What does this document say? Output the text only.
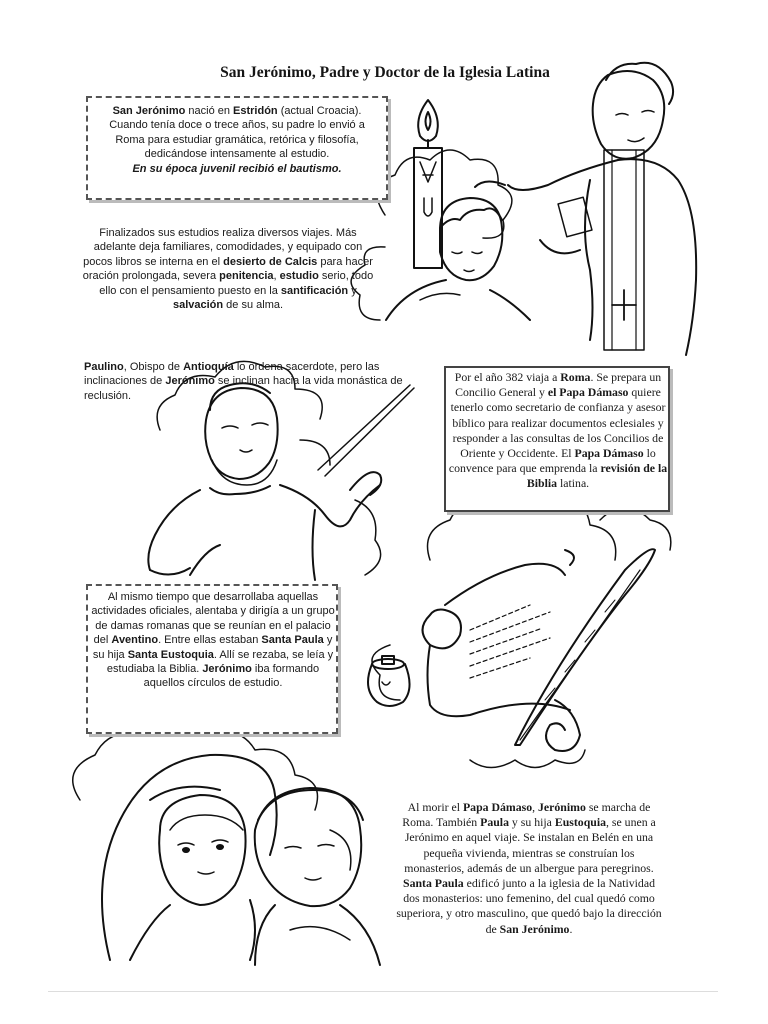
San Jerónimo, Padre y Doctor de la Iglesia Latina
San Jerónimo nació en Estridón (actual Croacia). Cuando tenía doce o trece años, su padre lo envió a Roma para estudiar gramática, retórica y filosofía, dedicándose intensamente al estudio.
En su época juvenil recibió el bautismo.
Finalizados sus estudios realiza diversos viajes. Más adelante deja familiares, comodidades, y equipado con pocos libros se interna en el desierto de Calcis para hacer oración prolongada, severa penitencia, estudio serio, todo ello con el pensamiento puesto en la santificación y salvación de su alma.
Paulino, Obispo de Antioquía lo ordena sacerdote, pero las inclinaciones de Jerónimo se inclinan hacia la vida monástica de reclusión.
Por el año 382 viaja a Roma. Se prepara un Concilio General y el Papa Dámaso quiere tenerlo como secretario de confianza y asesor bíblico para realizar documentos eclesiales y responder a las consultas de los Concilios de Oriente y Occidente. El Papa Dámaso lo convence para que emprenda la revisión de la Biblia latina.
Al mismo tiempo que desarrollaba aquellas actividades oficiales, alentaba y dirigía a un grupo de damas romanas que se reunían en el palacio del Aventino. Entre ellas estaban Santa Paula y su hija Santa Eustoquia. Allí se rezaba, se leía y estudiaba la Biblia. Jerónimo iba formando aquellos círculos de estudio.
Al morir el Papa Dámaso, Jerónimo se marcha de Roma. También Paula y su hija Eustoquia, se unen a Jerónimo en aquel viaje. Se instalan en Belén en una pequeña vivienda, mientras se construían los monasterios, además de un albergue para peregrinos. Santa Paula edificó junto a la iglesia de la Natividad dos monasterios: uno femenino, del cual quedó como superiora, y otro masculino, que quedó bajo la dirección de San Jerónimo.
